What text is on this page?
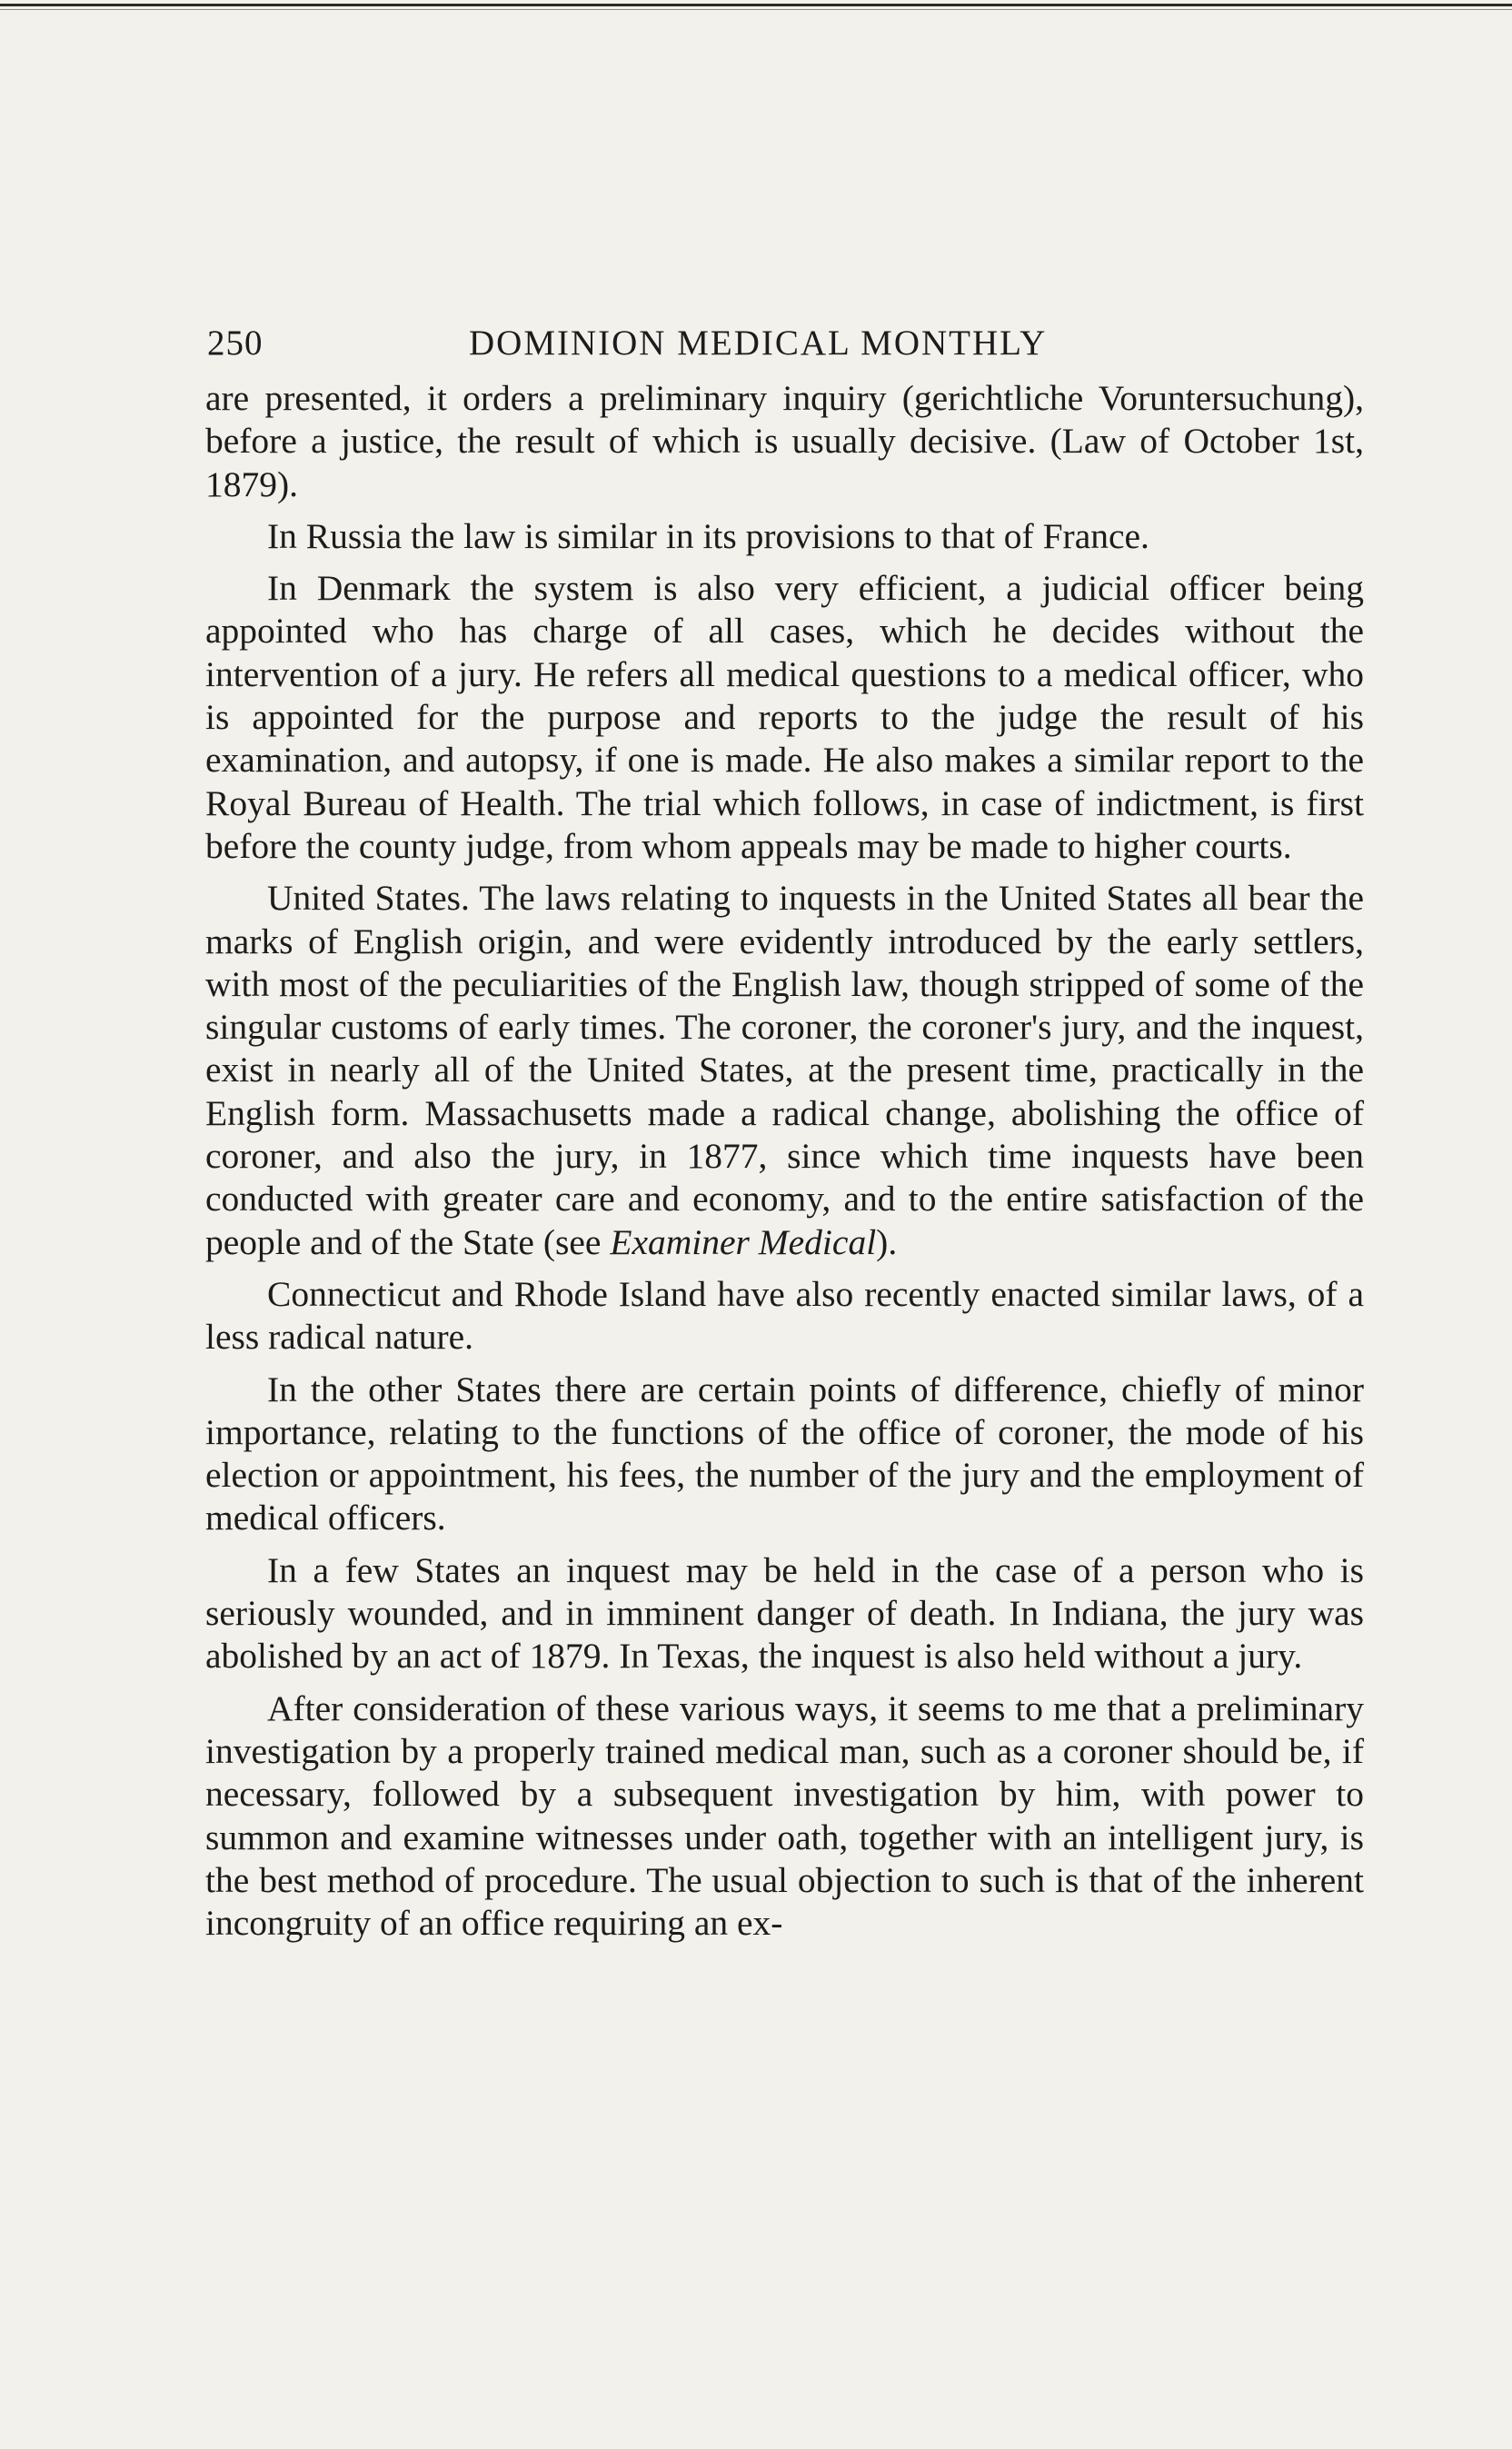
250	DOMINION MEDICAL MONTHLY

are presented, it orders a preliminary inquiry (gerichtliche Voruntersuchung), before a justice, the result of which is usually decisive. (Law of October 1st, 1879).

In Russia the law is similar in its provisions to that of France.

In Denmark the system is also very efficient, a judicial officer being appointed who has charge of all cases, which he decides without the intervention of a jury. He refers all medical questions to a medical officer, who is appointed for the purpose and reports to the judge the result of his examination, and autopsy, if one is made. He also makes a similar report to the Royal Bureau of Health. The trial which follows, in case of indictment, is first before the county judge, from whom appeals may be made to higher courts.

United States. The laws relating to inquests in the United States all bear the marks of English origin, and were evidently introduced by the early settlers, with most of the peculiarities of the English law, though stripped of some of the singular customs of early times. The coroner, the coroner's jury, and the inquest, exist in nearly all of the United States, at the present time, practically in the English form. Massachusetts made a radical change, abolishing the office of coroner, and also the jury, in 1877, since which time inquests have been conducted with greater care and economy, and to the entire satisfaction of the people and of the State (see Examiner Medical).

Connecticut and Rhode Island have also recently enacted similar laws, of a less radical nature.

In the other States there are certain points of difference, chiefly of minor importance, relating to the functions of the office of coroner, the mode of his election or appointment, his fees, the number of the jury and the employment of medical officers.

In a few States an inquest may be held in the case of a person who is seriously wounded, and in imminent danger of death. In Indiana, the jury was abolished by an act of 1879. In Texas, the inquest is also held without a jury.

After consideration of these various ways, it seems to me that a preliminary investigation by a properly trained medical man, such as a coroner should be, if necessary, followed by a subsequent investigation by him, with power to summon and examine witnesses under oath, together with an intelligent jury, is the best method of procedure. The usual objection to such is that of the inherent incongruity of an office requiring an ex-
